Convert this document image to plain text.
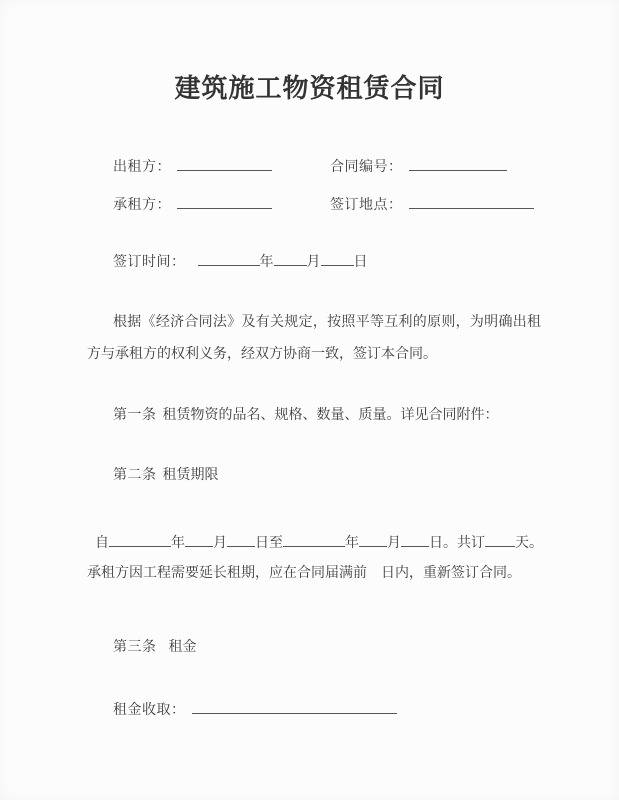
建筑施工物资租赁合同
出租方：	合同编号：
承租方：	签订地点：
签订时间：	年 月 日
根据《经济合同法》及有关规定，按照平等互利的原则，为明确出租方与承租方的权利义务，经双方协商一致，签订本合同。
第一条 租赁物资的品名、规格、数量、质量。详见合同附件：
第二条 租赁期限
自	年 月 日至	年 月 日。共订 天。
承租方因工程需要延长租期，应在合同届满前　日内，重新签订合同。
第三条 租金
租金收取：
